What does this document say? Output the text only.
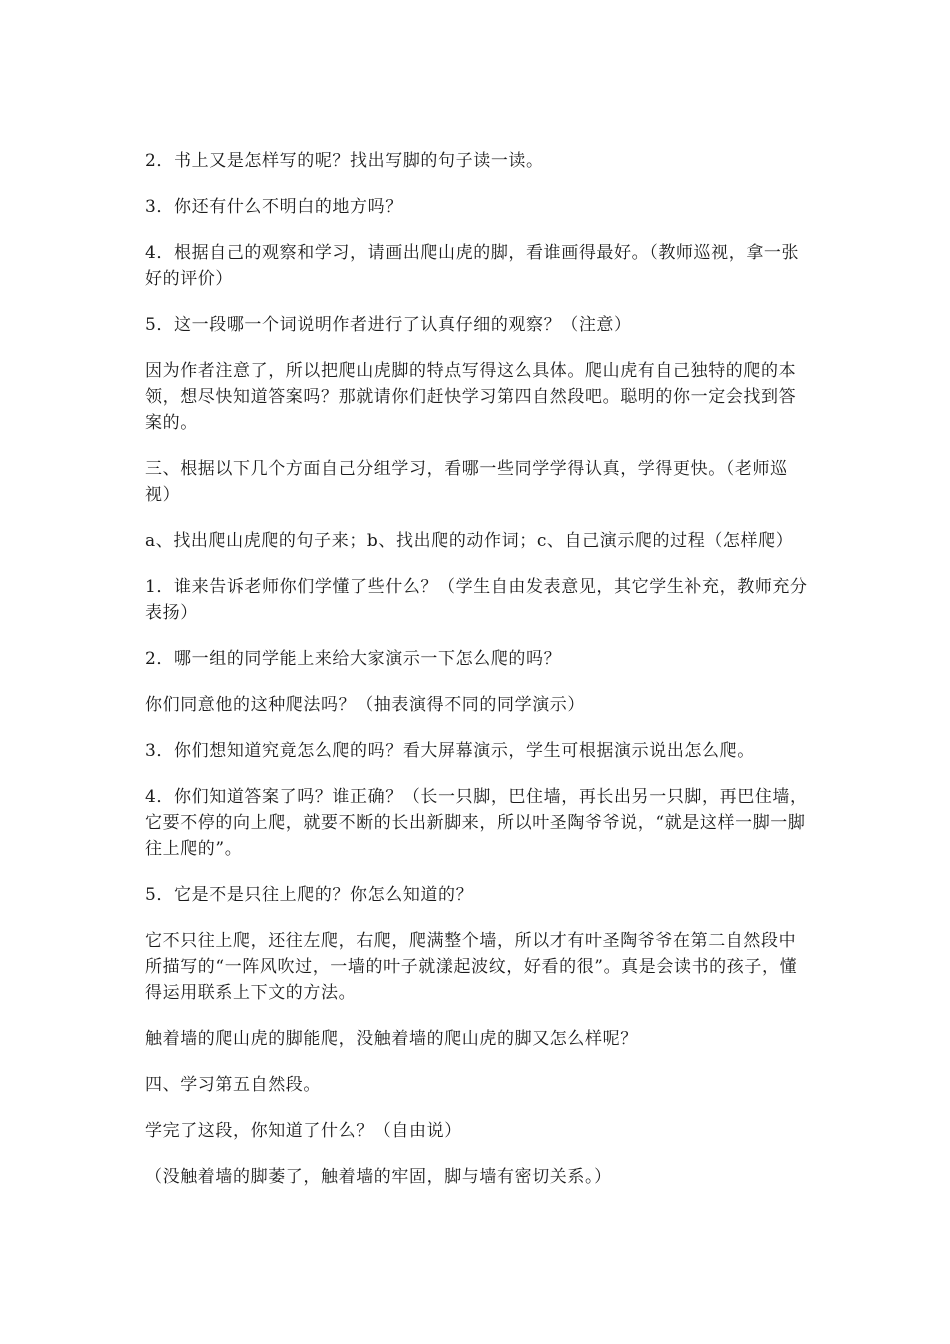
2．书上又是怎样写的呢？找出写脚的句子读一读。

3．你还有什么不明白的地方吗？

4．根据自己的观察和学习，请画出爬山虎的脚，看谁画得最好。（教师巡视，拿一张好的评价）

5．这一段哪一个词说明作者进行了认真仔细的观察？（注意）

因为作者注意了，所以把爬山虎脚的特点写得这么具体。爬山虎有自己独特的爬的本领，想尽快知道答案吗？那就请你们赶快学习第四自然段吧。聪明的你一定会找到答案的。

三、根据以下几个方面自己分组学习，看哪一些同学学得认真，学得更快。（老师巡视）

a、找出爬山虎爬的句子来；b、找出爬的动作词；c、自己演示爬的过程（怎样爬）

1．谁来告诉老师你们学懂了些什么？（学生自由发表意见，其它学生补充，教师充分表扬）

2．哪一组的同学能上来给大家演示一下怎么爬的吗？

你们同意他的这种爬法吗？（抽表演得不同的同学演示）

3．你们想知道究竟怎么爬的吗？看大屏幕演示，学生可根据演示说出怎么爬。

4．你们知道答案了吗？谁正确？（长一只脚，巴住墙，再长出另一只脚，再巴住墙，它要不停的向上爬，就要不断的长出新脚来，所以叶圣陶爷爷说，“就是这样一脚一脚往上爬的”。

5．它是不是只往上爬的？你怎么知道的？

它不只往上爬，还往左爬，右爬，爬满整个墙，所以才有叶圣陶爷爷在第二自然段中所描写的“一阵风吹过，一墙的叶子就漾起波纹，好看的很”。真是会读书的孩子，懂得运用联系上下文的方法。

触着墙的爬山虎的脚能爬，没触着墙的爬山虎的脚又怎么样呢？

四、学习第五自然段。

学完了这段，你知道了什么？（自由说）

（没触着墙的脚萎了，触着墙的牢固，脚与墙有密切关系。）
